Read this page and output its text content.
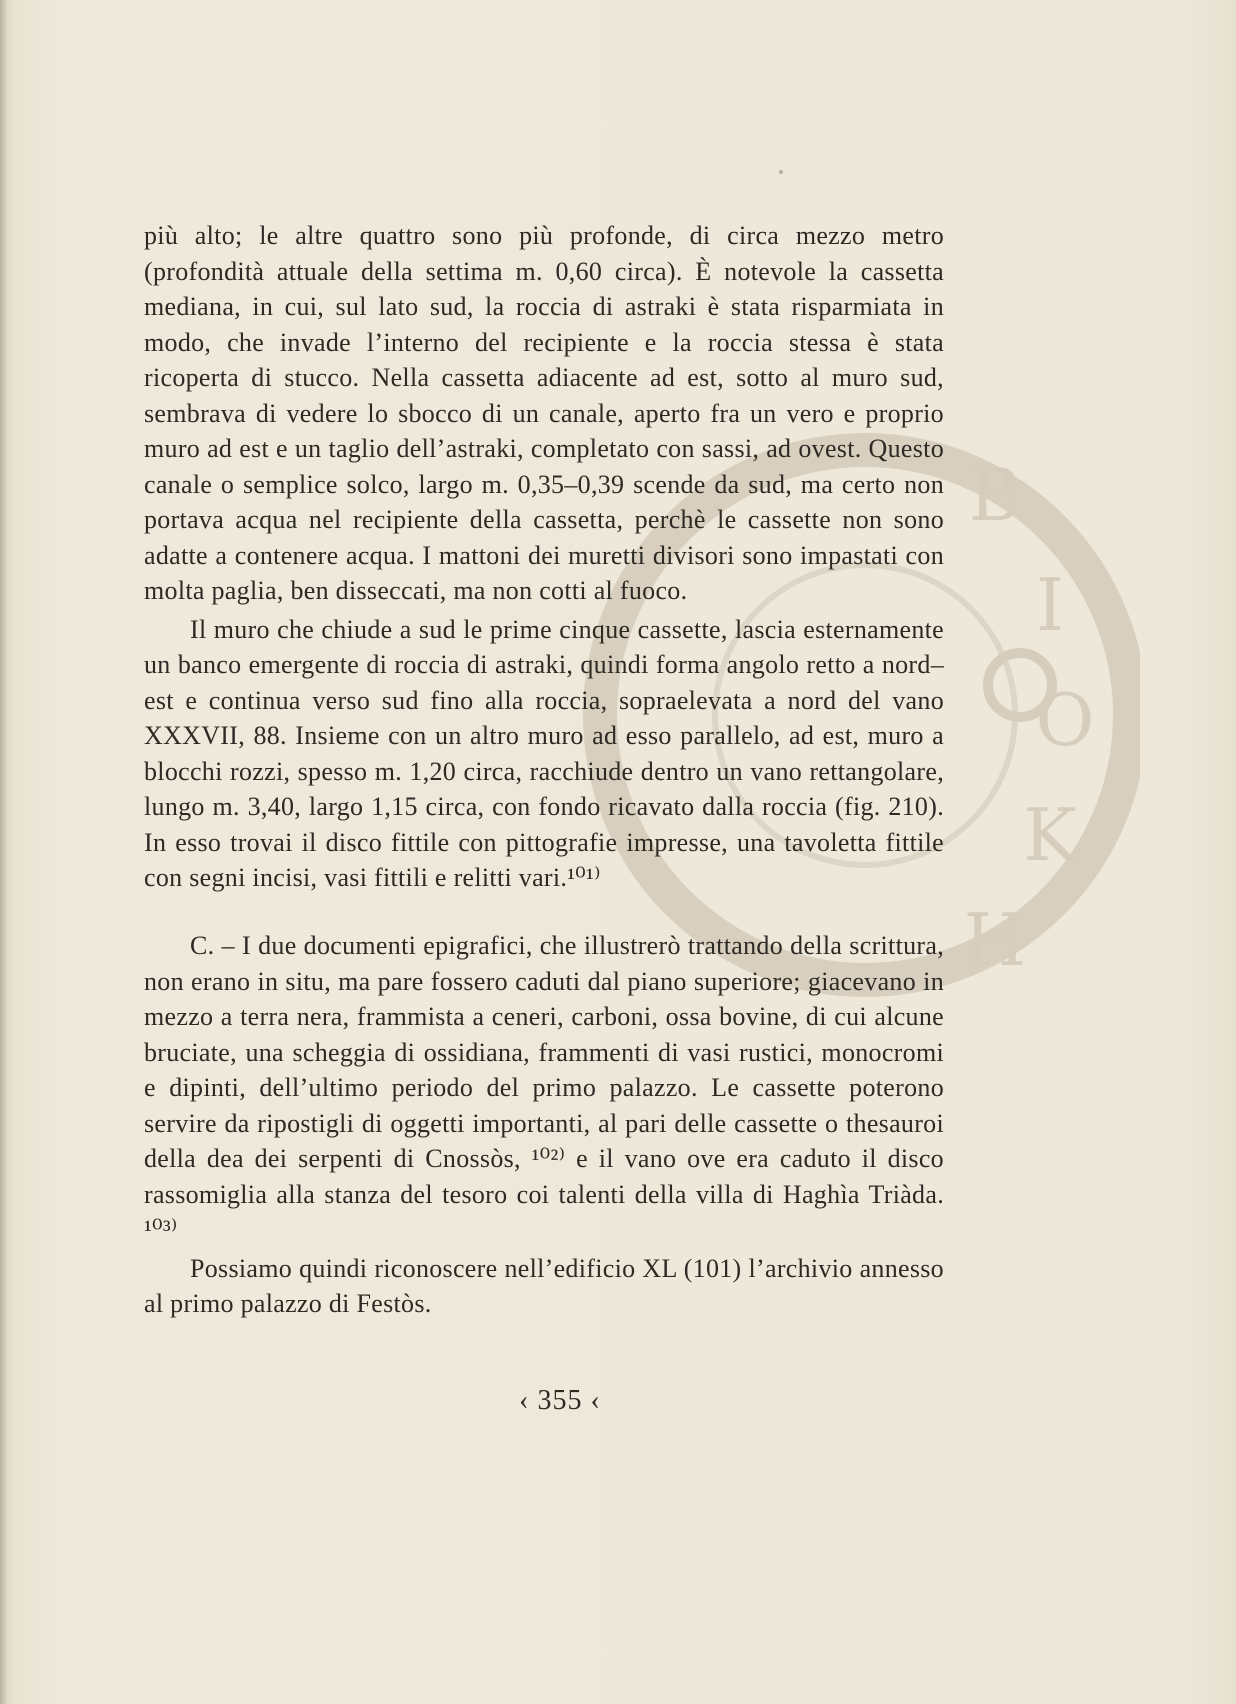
Β
Ι
Ο
Κ
Η

più alto; le altre quattro sono più profonde, di circa mezzo metro (profondità attuale della settima m. 0,60 circa). È notevole la cassetta mediana, in cui, sul lato sud, la roccia di astraki è stata risparmiata in modo, che invade l’interno del recipiente e la roccia stessa è stata ricoperta di stucco. Nella cassetta adiacente ad est, sotto al muro sud, sembrava di vedere lo sbocco di un canale, aperto fra un vero e proprio muro ad est e un taglio dell’astraki, completato con sassi, ad ovest. Questo canale o semplice solco, largo m. 0,35–0,39 scende da sud, ma certo non portava acqua nel recipiente della cassetta, perchè le cassette non sono adatte a contenere acqua. I mattoni dei muretti divisori sono impastati con molta paglia, ben disseccati, ma non cotti al fuoco.

Il muro che chiude a sud le prime cinque cassette, lascia esternamente un banco emergente di roccia di astraki, quindi forma angolo retto a nord–est e continua verso sud fino alla roccia, sopraelevata a nord del vano XXXVII, 88. Insieme con un altro muro ad esso parallelo, ad est, muro a blocchi rozzi, spesso m. 1,20 circa, racchiude dentro un vano rettangolare, lungo m. 3,40, largo 1,15 circa, con fondo ricavato dalla roccia (fig. 210). In esso trovai il disco fittile con pittografie impresse, una tavoletta fittile con segni incisi, vasi fittili e relitti vari.¹⁰¹⁾

C. – I due documenti epigrafici, che illustrerò trattando della scrittura, non erano in situ, ma pare fossero caduti dal piano superiore; giacevano in mezzo a terra nera, frammista a ceneri, carboni, ossa bovine, di cui alcune bruciate, una scheggia di ossidiana, frammenti di vasi rustici, monocromi e dipinti, dell’ultimo periodo del primo palazzo. Le cassette poterono servire da ripostigli di oggetti importanti, al pari delle cassette o thesauroi della dea dei serpenti di Cnossòs, ¹⁰²⁾ e il vano ove era caduto il disco rassomiglia alla stanza del tesoro coi talenti della villa di Haghìa Triàda. ¹⁰³⁾

Possiamo quindi riconoscere nell’edificio XL (101) l’archivio annesso al primo palazzo di Festòs.

‹ 355 ‹
